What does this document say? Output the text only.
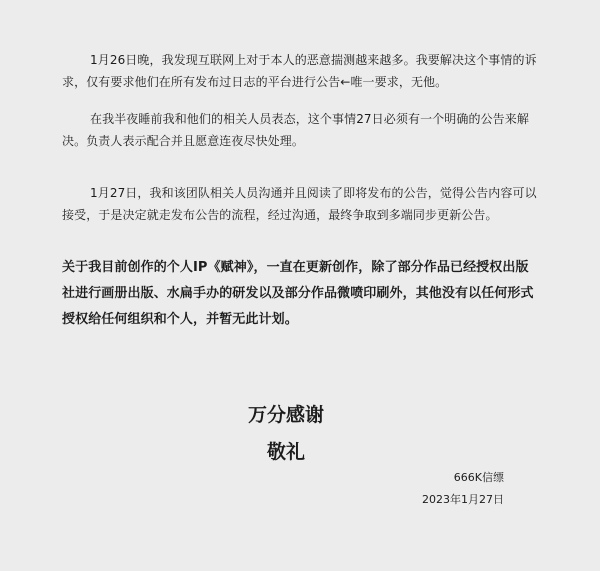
1月26日晚，我发现互联网上对于本人的恶意揣测越来越多。我要解决这个事情的诉求，仅有要求他们在所有发布过日志的平台进行公告←唯一要求，无他。

在我半夜睡前我和他们的相关人员表态，这个事情27日必须有一个明确的公告来解决。负责人表示配合并且愿意连夜尽快处理。

1月27日，我和该团队相关人员沟通并且阅读了即将发布的公告，觉得公告内容可以接受，于是决定就走发布公告的流程，经过沟通，最终争取到多端同步更新公告。

关于我目前创作的个人IP《赋神》，一直在更新创作，除了部分作品已经授权出版社进行画册出版、水扁手办的研发以及部分作品微喷印刷外，其他没有以任何形式授权给任何组织和个人，并暂无此计划。

万分感谢

敬礼

666K信缥

2023年1月27日
